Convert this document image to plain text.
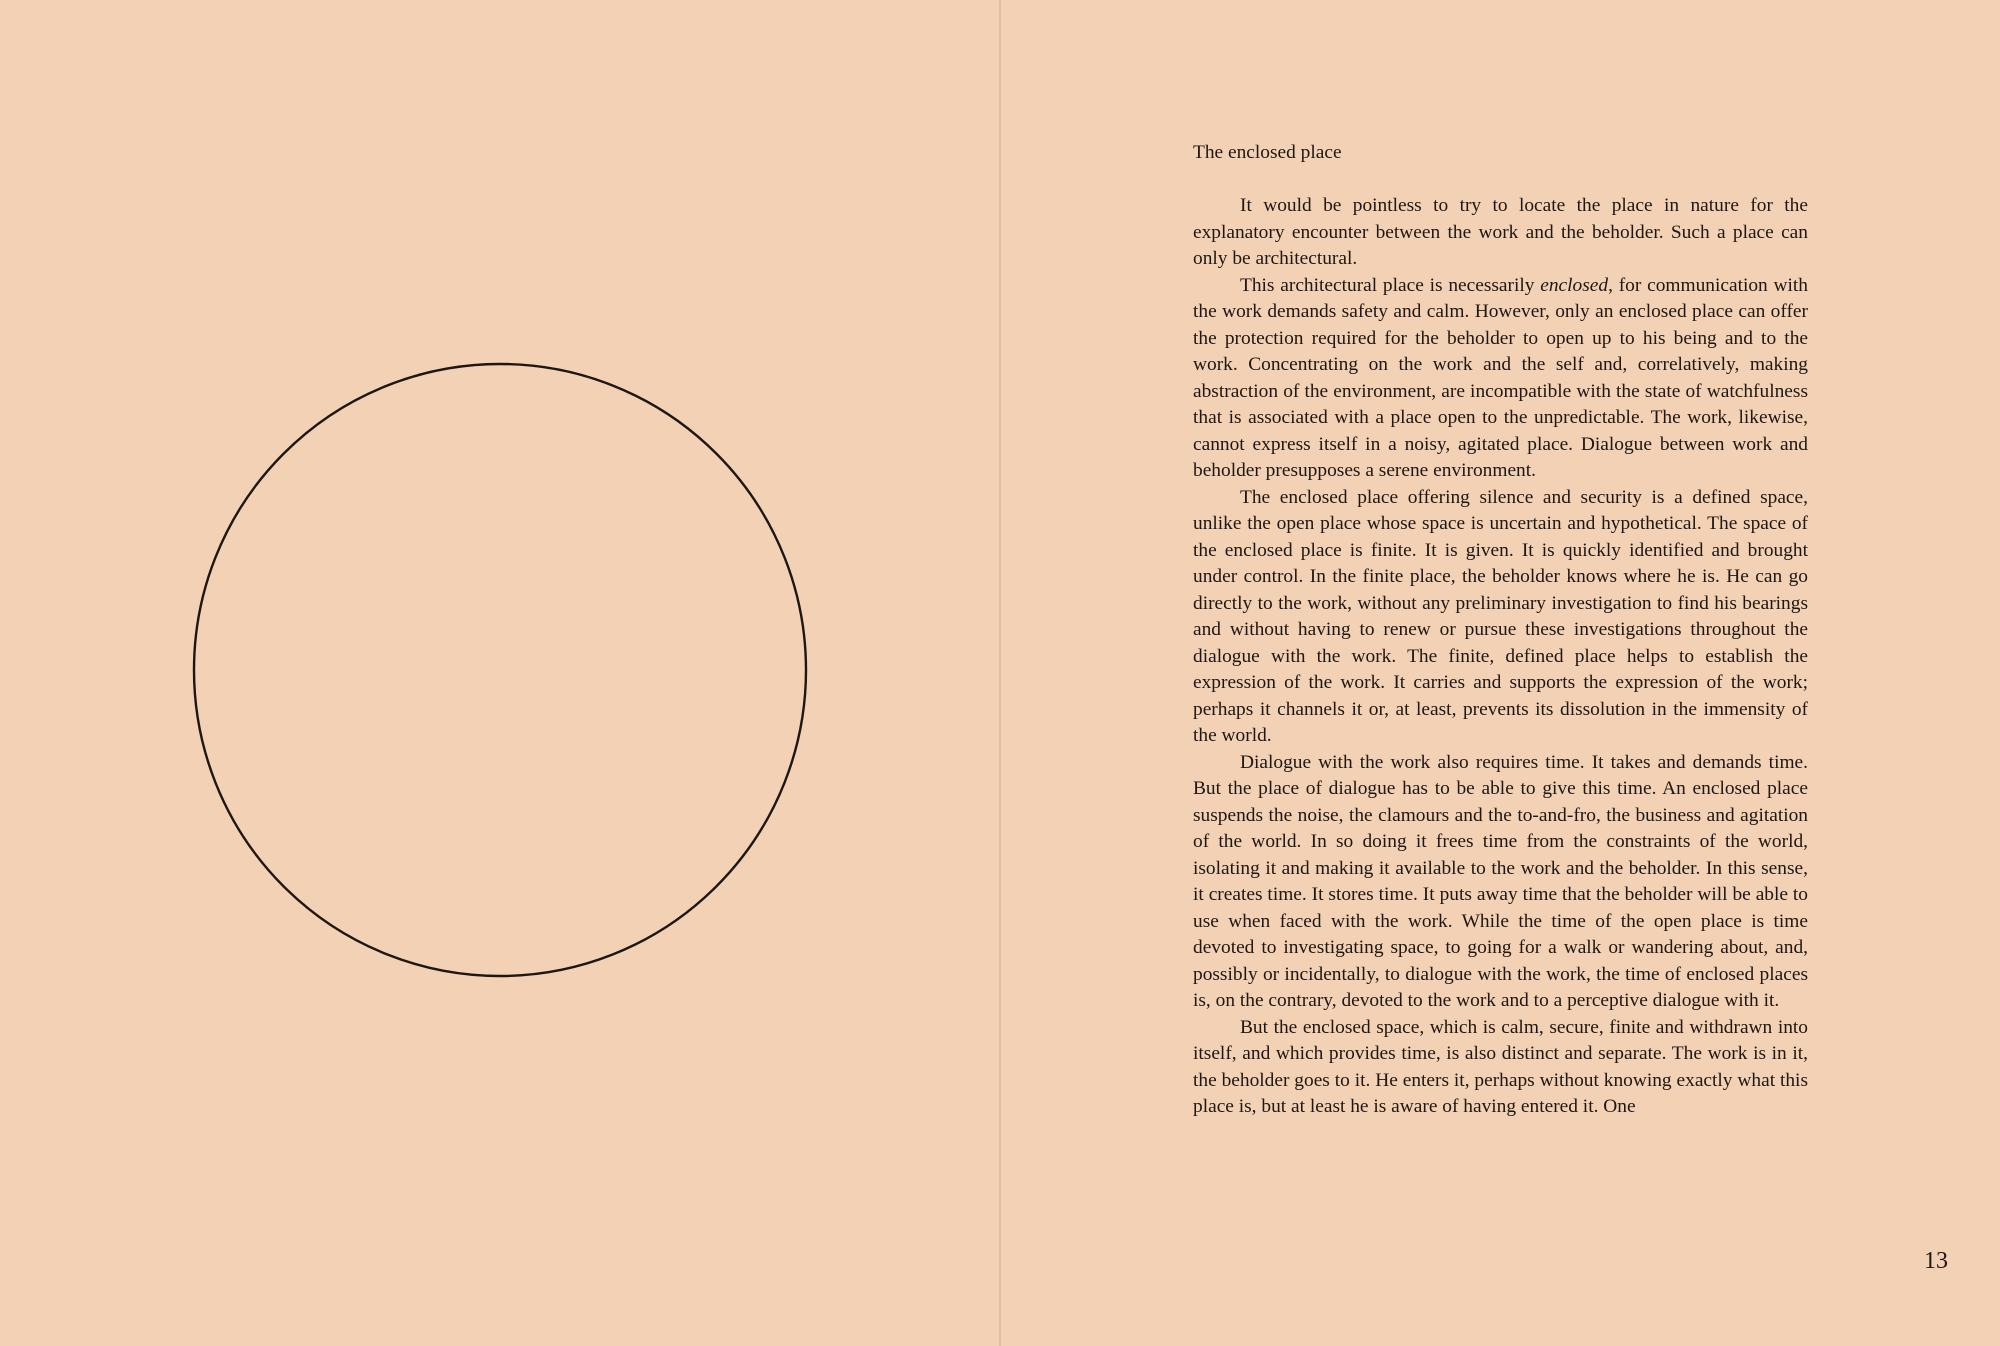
The enclosed place

It would be pointless to try to locate the place in nature for the explanatory encounter between the work and the beholder. Such a place can only be architectural.

This architectural place is necessarily enclosed, for communication with the work demands safety and calm. However, only an enclosed place can offer the protection required for the beholder to open up to his being and to the work. Concentrating on the work and the self and, correlatively, making abstraction of the environment, are incompatible with the state of watchfulness that is associated with a place open to the unpredictable. The work, likewise, cannot express itself in a noisy, agitated place. Dialogue between work and beholder presupposes a serene environment.

The enclosed place offering silence and security is a defined space, unlike the open place whose space is uncertain and hypothetical. The space of the enclosed place is finite. It is given. It is quickly identified and brought under control. In the finite place, the beholder knows where he is. He can go directly to the work, without any preliminary investigation to find his bearings and without having to renew or pursue these investigations throughout the dialogue with the work. The finite, defined place helps to establish the expression of the work. It carries and supports the expression of the work; perhaps it channels it or, at least, prevents its dissolution in the immensity of the world.

Dialogue with the work also requires time. It takes and demands time. But the place of dialogue has to be able to give this time. An enclosed place suspends the noise, the clamours and the to-and-fro, the business and agitation of the world. In so doing it frees time from the constraints of the world, isolating it and making it available to the work and the beholder. In this sense, it creates time. It stores time. It puts away time that the beholder will be able to use when faced with the work. While the time of the open place is time devoted to investigating space, to going for a walk or wandering about, and, possibly or incidentally, to dialogue with the work, the time of enclosed places is, on the contrary, devoted to the work and to a perceptive dialogue with it.

But the enclosed space, which is calm, secure, finite and withdrawn into itself, and which provides time, is also distinct and separate. The work is in it, the beholder goes to it. He enters it, perhaps without knowing exactly what this place is, but at least he is aware of having entered it. One

13
